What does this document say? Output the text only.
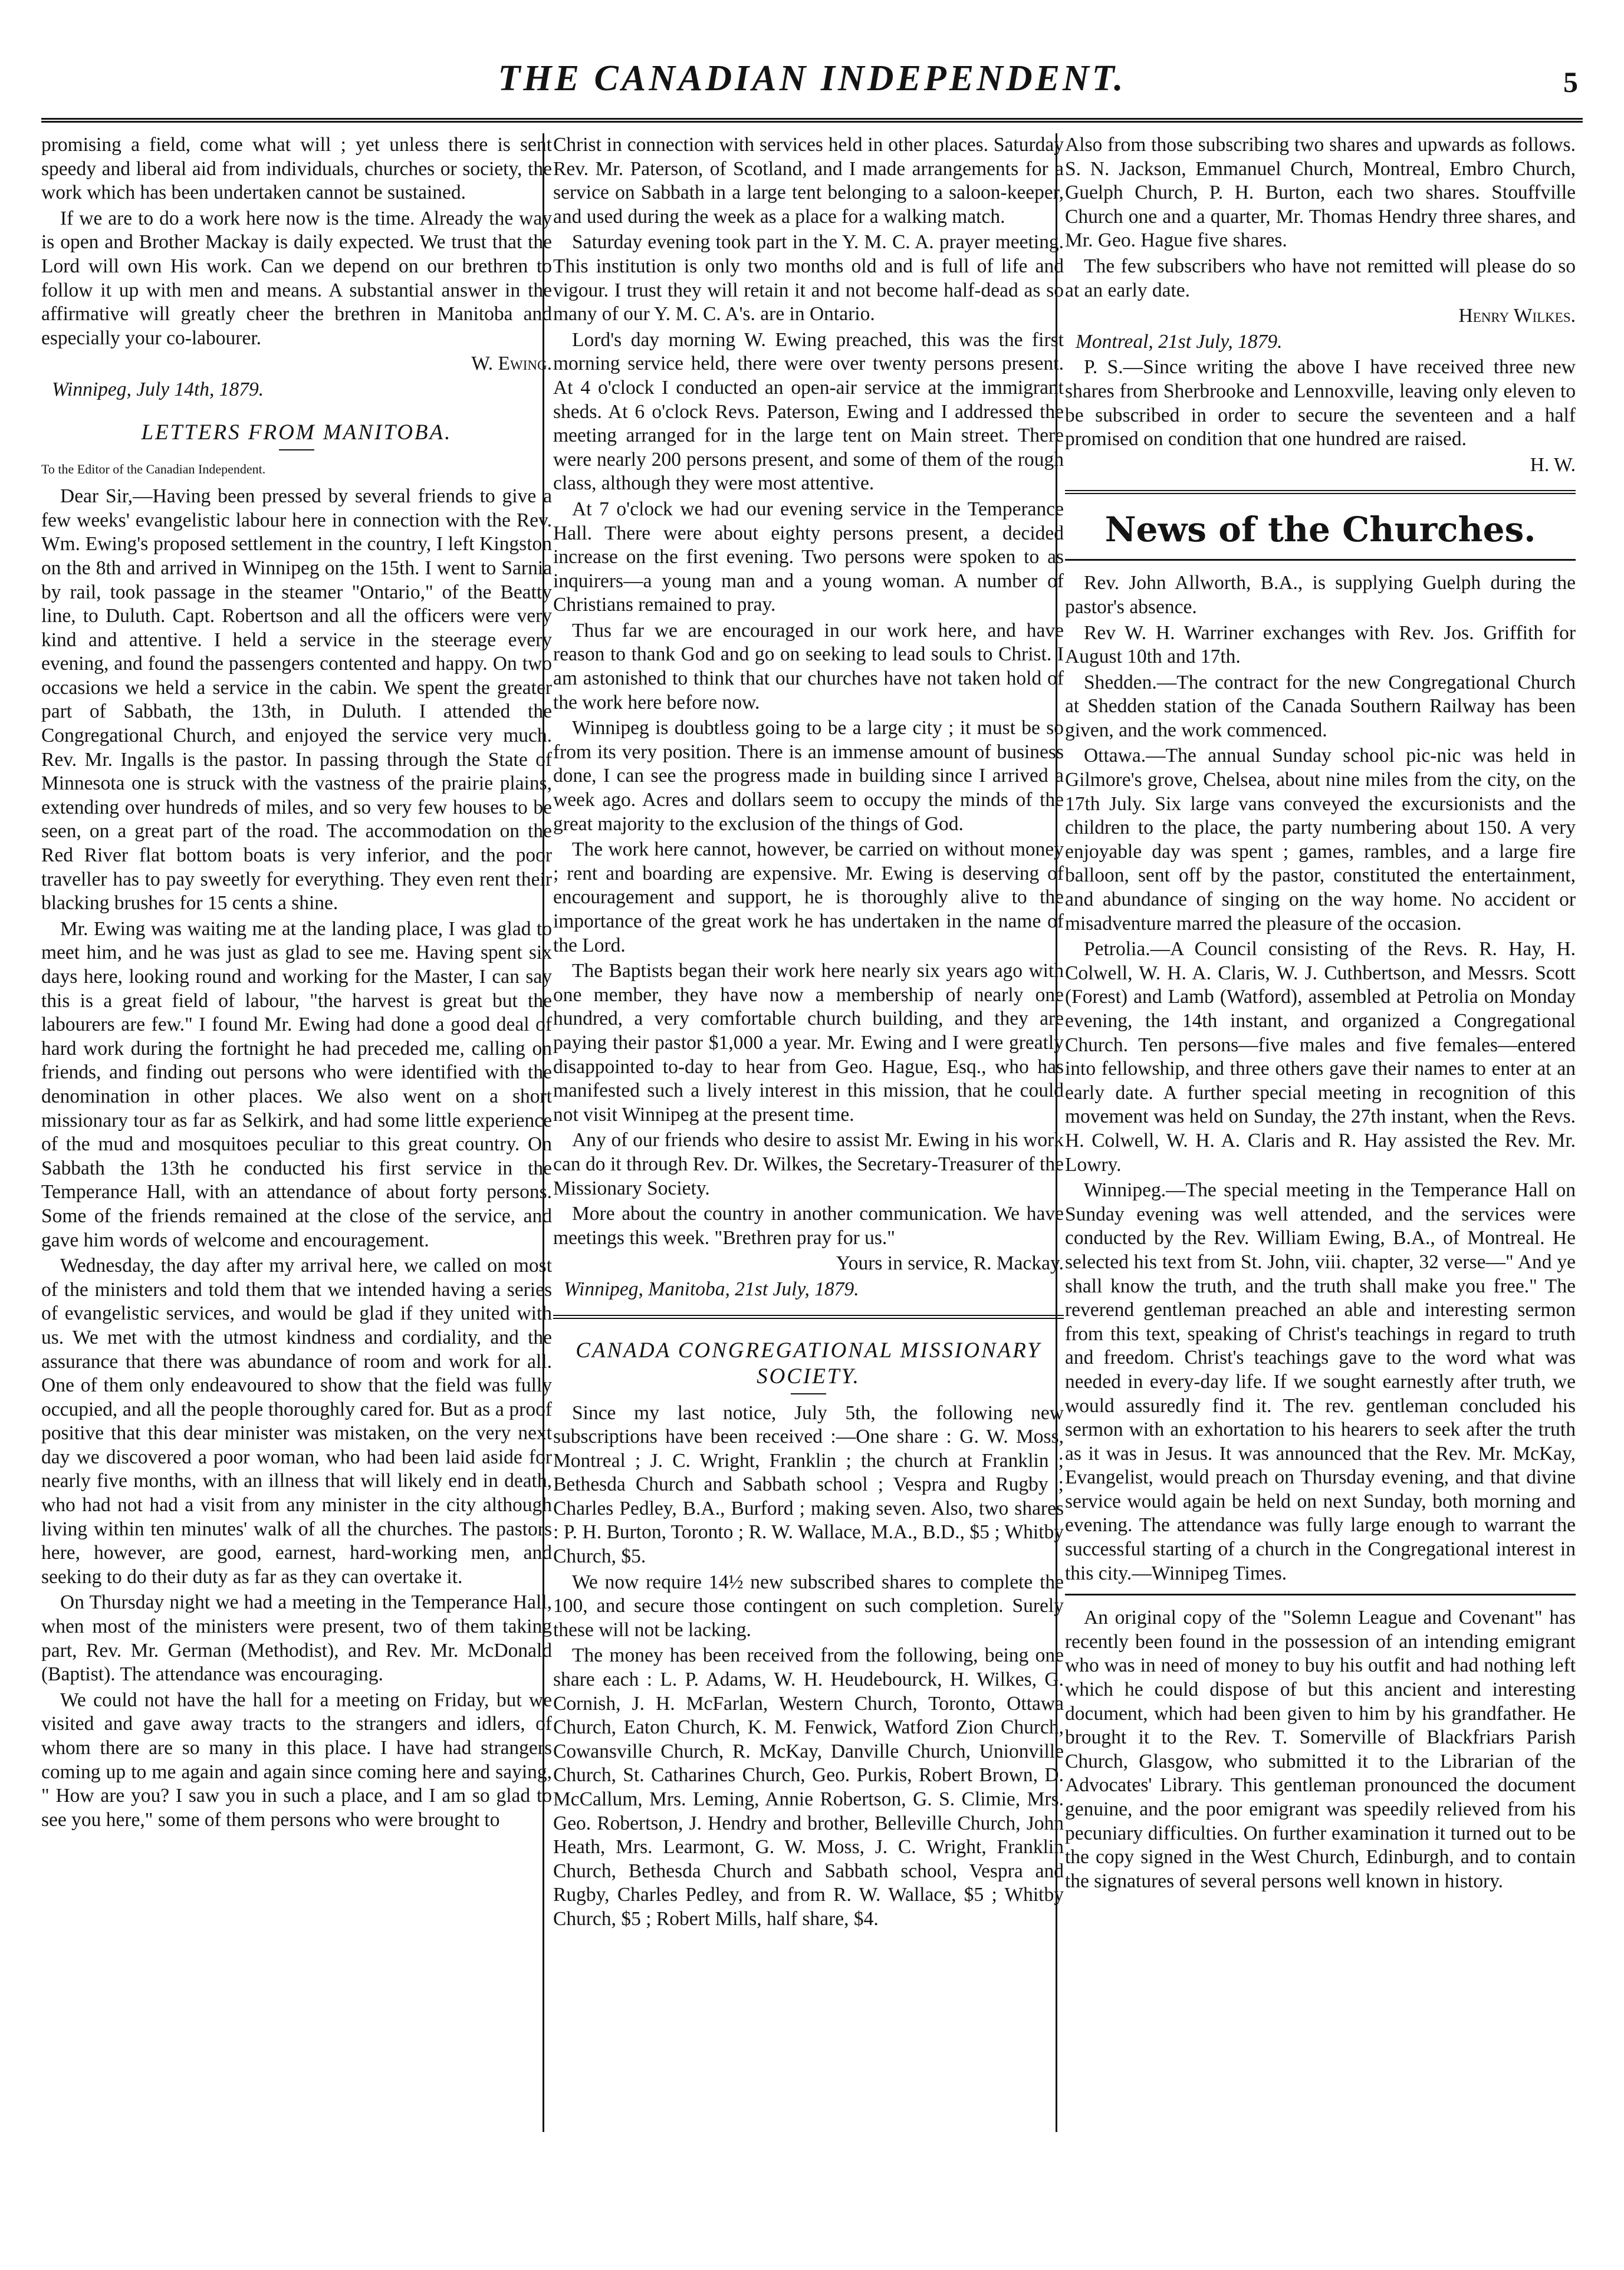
THE CANADIAN INDEPENDENT.	5

promising a field, come what will ; yet unless there is sent speedy and liberal aid from individuals, churches or society, the work which has been undertaken cannot be sustained.

If we are to do a work here now is the time. Already the way is open and Brother Mackay is daily expected. We trust that the Lord will own His work. Can we depend on our brethren to follow it up with men and means. A substantial answer in the affirmative will greatly cheer the brethren in Manitoba and especially your co-labourer.

W. Ewing.

Winnipeg, July 14th, 1879.

LETTERS FROM MANITOBA.

To the Editor of the Canadian Independent.

Dear Sir,—Having been pressed by several friends to give a few weeks' evangelistic labour here in connection with the Rev. Wm. Ewing's proposed settlement in the country, I left Kingston on the 8th and arrived in Winnipeg on the 15th. I went to Sarnia by rail, took passage in the steamer "Ontario," of the Beatty line, to Duluth. Capt. Robertson and all the officers were very kind and attentive. I held a service in the steerage every evening, and found the passengers contented and happy. On two occasions we held a service in the cabin. We spent the greater part of Sabbath, the 13th, in Duluth. I attended the Congregational Church, and enjoyed the service very much. Rev. Mr. Ingalls is the pastor. In passing through the State of Minnesota one is struck with the vastness of the prairie plains, extending over hundreds of miles, and so very few houses to be seen, on a great part of the road. The accommodation on the Red River flat bottom boats is very inferior, and the poor traveller has to pay sweetly for everything. They even rent their blacking brushes for 15 cents a shine.

Mr. Ewing was waiting me at the landing place, I was glad to meet him, and he was just as glad to see me. Having spent six days here, looking round and working for the Master, I can say this is a great field of labour, "the harvest is great but the labourers are few." I found Mr. Ewing had done a good deal of hard work during the fortnight he had preceded me, calling on friends, and finding out persons who were identified with the denomination in other places. We also went on a short missionary tour as far as Selkirk, and had some little experience of the mud and mosquitoes peculiar to this great country. On Sabbath the 13th he conducted his first service in the Temperance Hall, with an attendance of about forty persons. Some of the friends remained at the close of the service, and gave him words of welcome and encouragement.

Wednesday, the day after my arrival here, we called on most of the ministers and told them that we intended having a series of evangelistic services, and would be glad if they united with us. We met with the utmost kindness and cordiality, and the assurance that there was abundance of room and work for all. One of them only endeavoured to show that the field was fully occupied, and all the people thoroughly cared for. But as a proof positive that this dear minister was mistaken, on the very next day we discovered a poor woman, who had been laid aside for nearly five months, with an illness that will likely end in death, who had not had a visit from any minister in the city although living within ten minutes' walk of all the churches. The pastors here, however, are good, earnest, hard-working men, and seeking to do their duty as far as they can overtake it.

On Thursday night we had a meeting in the Temperance Hall, when most of the ministers were present, two of them taking part, Rev. Mr. German (Methodist), and Rev. Mr. McDonald (Baptist). The attendance was encouraging.

We could not have the hall for a meeting on Friday, but we visited and gave away tracts to the strangers and idlers, of whom there are so many in this place. I have had strangers coming up to me again and again since coming here and saying, " How are you? I saw you in such a place, and I am so glad to see you here," some of them persons who were brought to

Christ in connection with services held in other places. Saturday Rev. Mr. Paterson, of Scotland, and I made arrangements for a service on Sabbath in a large tent belonging to a saloon-keeper, and used during the week as a place for a walking match.

Saturday evening took part in the Y. M. C. A. prayer meeting. This institution is only two months old and is full of life and vigour. I trust they will retain it and not become half-dead as so many of our Y. M. C. A's. are in Ontario.

Lord's day morning W. Ewing preached, this was the first morning service held, there were over twenty persons present. At 4 o'clock I conducted an open-air service at the immigrant sheds. At 6 o'clock Revs. Paterson, Ewing and I addressed the meeting arranged for in the large tent on Main street. There were nearly 200 persons present, and some of them of the rough class, although they were most attentive.

At 7 o'clock we had our evening service in the Temperance Hall. There were about eighty persons present, a decided increase on the first evening. Two persons were spoken to as inquirers—a young man and a young woman. A number of Christians remained to pray.

Thus far we are encouraged in our work here, and have reason to thank God and go on seeking to lead souls to Christ. I am astonished to think that our churches have not taken hold of the work here before now.

Winnipeg is doubtless going to be a large city ; it must be so from its very position. There is an immense amount of business done, I can see the progress made in building since I arrived a week ago. Acres and dollars seem to occupy the minds of the great majority to the exclusion of the things of God.

The work here cannot, however, be carried on without money ; rent and boarding are expensive. Mr. Ewing is deserving of encouragement and support, he is thoroughly alive to the importance of the great work he has undertaken in the name of the Lord.

The Baptists began their work here nearly six years ago with one member, they have now a membership of nearly one hundred, a very comfortable church building, and they are paying their pastor $1,000 a year. Mr. Ewing and I were greatly disappointed to-day to hear from Geo. Hague, Esq., who has manifested such a lively interest in this mission, that he could not visit Winnipeg at the present time.

Any of our friends who desire to assist Mr. Ewing in his work can do it through Rev. Dr. Wilkes, the Secretary-Treasurer of the Missionary Society.

More about the country in another communication. We have meetings this week. "Brethren pray for us."

Yours in service, R. Mackay.

Winnipeg, Manitoba, 21st July, 1879.

CANADA CONGREGATIONAL MISSIONARY SOCIETY.

Since my last notice, July 5th, the following new subscriptions have been received :—One share : G. W. Moss, Montreal ; J. C. Wright, Franklin ; the church at Franklin ; Bethesda Church and Sabbath school ; Vespra and Rugby ; Charles Pedley, B.A., Burford ; making seven. Also, two shares : P. H. Burton, Toronto ; R. W. Wallace, M.A., B.D., $5 ; Whitby Church, $5.

We now require 14½ new subscribed shares to complete the 100, and secure those contingent on such completion. Surely these will not be lacking.

The money has been received from the following, being one share each : L. P. Adams, W. H. Heudebourck, H. Wilkes, G. Cornish, J. H. McFarlan, Western Church, Toronto, Ottawa Church, Eaton Church, K. M. Fenwick, Watford Zion Church, Cowansville Church, R. McKay, Danville Church, Unionville Church, St. Catharines Church, Geo. Purkis, Robert Brown, D. McCallum, Mrs. Leming, Annie Robertson, G. S. Climie, Mrs. Geo. Robertson, J. Hendry and brother, Belleville Church, John Heath, Mrs. Learmont, G. W. Moss, J. C. Wright, Franklin Church, Bethesda Church and Sabbath school, Vespra and Rugby, Charles Pedley, and from R. W. Wallace, $5 ; Whitby Church, $5 ; Robert Mills, half share, $4.

Also from those subscribing two shares and upwards as follows. S. N. Jackson, Emmanuel Church, Montreal, Embro Church, Guelph Church, P. H. Burton, each two shares. Stouffville Church one and a quarter, Mr. Thomas Hendry three shares, and Mr. Geo. Hague five shares.

The few subscribers who have not remitted will please do so at an early date.

Henry Wilkes.

Montreal, 21st July, 1879.

P. S.—Since writing the above I have received three new shares from Sherbrooke and Lennoxville, leaving only eleven to be subscribed in order to secure the seventeen and a half promised on condition that one hundred are raised.

H. W.

News of the Churches.

Rev. John Allworth, B.A., is supplying Guelph during the pastor's absence.

Rev W. H. Warriner exchanges with Rev. Jos. Griffith for August 10th and 17th.

Shedden.—The contract for the new Congregational Church at Shedden station of the Canada Southern Railway has been given, and the work commenced.

Ottawa.—The annual Sunday school pic-nic was held in Gilmore's grove, Chelsea, about nine miles from the city, on the 17th July. Six large vans conveyed the excursionists and the children to the place, the party numbering about 150. A very enjoyable day was spent ; games, rambles, and a large fire balloon, sent off by the pastor, constituted the entertainment, and abundance of singing on the way home. No accident or misadventure marred the pleasure of the occasion.

Petrolia.—A Council consisting of the Revs. R. Hay, H. Colwell, W. H. A. Claris, W. J. Cuthbertson, and Messrs. Scott (Forest) and Lamb (Watford), assembled at Petrolia on Monday evening, the 14th instant, and organized a Congregational Church. Ten persons—five males and five females—entered into fellowship, and three others gave their names to enter at an early date. A further special meeting in recognition of this movement was held on Sunday, the 27th instant, when the Revs. H. Colwell, W. H. A. Claris and R. Hay assisted the Rev. Mr. Lowry.

Winnipeg.—The special meeting in the Temperance Hall on Sunday evening was well attended, and the services were conducted by the Rev. William Ewing, B.A., of Montreal. He selected his text from St. John, viii. chapter, 32 verse—" And ye shall know the truth, and the truth shall make you free." The reverend gentleman preached an able and interesting sermon from this text, speaking of Christ's teachings in regard to truth and freedom. Christ's teachings gave to the word what was needed in every-day life. If we sought earnestly after truth, we would assuredly find it. The rev. gentleman concluded his sermon with an exhortation to his hearers to seek after the truth as it was in Jesus. It was announced that the Rev. Mr. McKay, Evangelist, would preach on Thursday evening, and that divine service would again be held on next Sunday, both morning and evening. The attendance was fully large enough to warrant the successful starting of a church in the Congregational interest in this city.—Winnipeg Times.

An original copy of the "Solemn League and Covenant" has recently been found in the possession of an intending emigrant who was in need of money to buy his outfit and had nothing left which he could dispose of but this ancient and interesting document, which had been given to him by his grandfather. He brought it to the Rev. T. Somerville of Blackfriars Parish Church, Glasgow, who submitted it to the Librarian of the Advocates' Library. This gentleman pronounced the document genuine, and the poor emigrant was speedily relieved from his pecuniary difficulties. On further examination it turned out to be the copy signed in the West Church, Edinburgh, and to contain the signatures of several persons well known in history.
